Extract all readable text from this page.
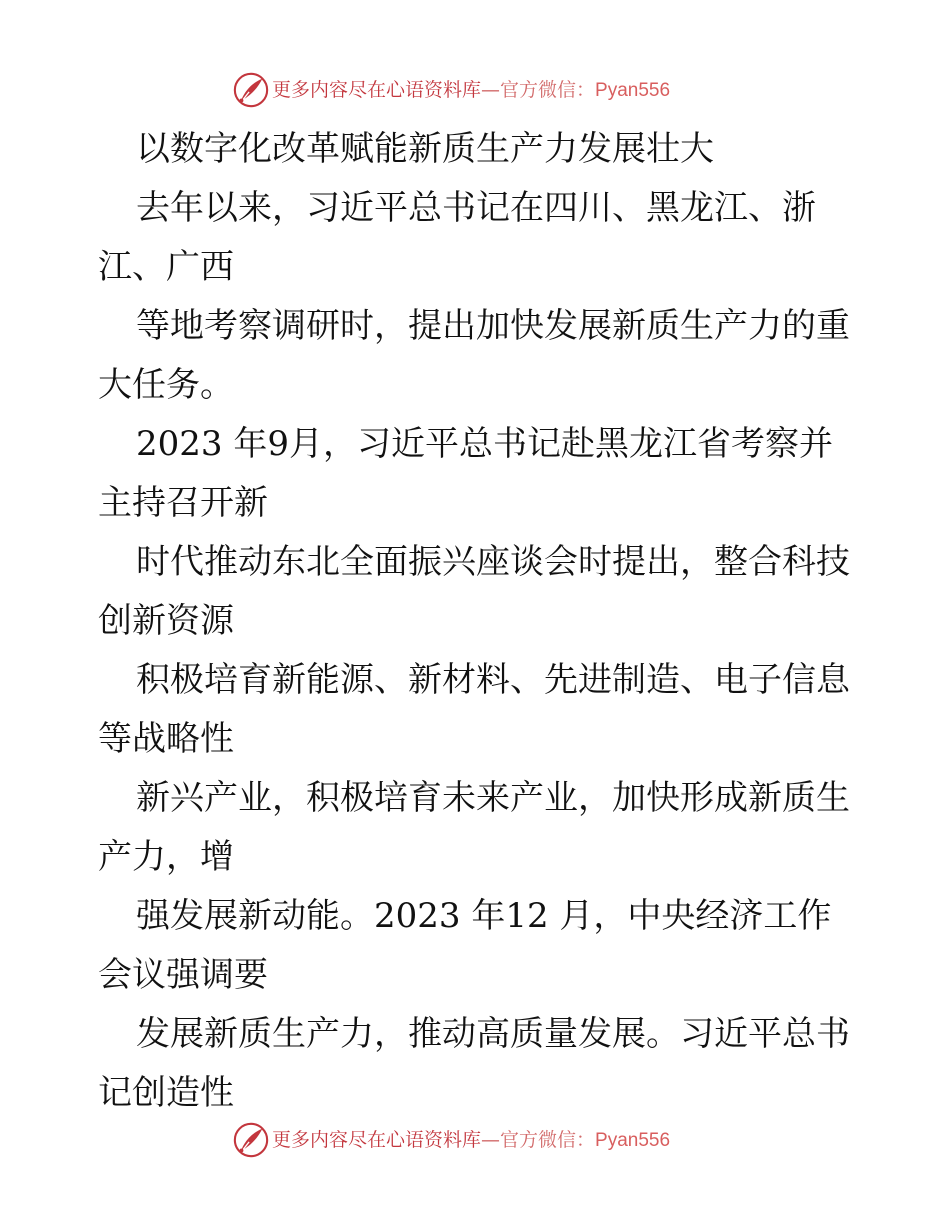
更多内容尽在心语资料库 — 官方微信： Pyan556
以数字化改革赋能新质生产力发展壮大
去年以来，习近平总书记在四川、黑龙江、浙
江、广西
等地考察调研时，提出加快发展新质生产力的重
大任务。
2023 年9月，习近平总书记赴黑龙江省考察并
主持召开新
时代推动东北全面振兴座谈会时提出，整合科技
创新资源
积极培育新能源、新材料、先进制造、电子信息
等战略性
新兴产业，积极培育未来产业，加快形成新质生
产力，增
强发展新动能。2023 年12 月，中央经济工作
会议强调要
发展新质生产力，推动高质量发展。习近平总书
记创造性
更多内容尽在心语资料库 — 官方微信： Pyan556
